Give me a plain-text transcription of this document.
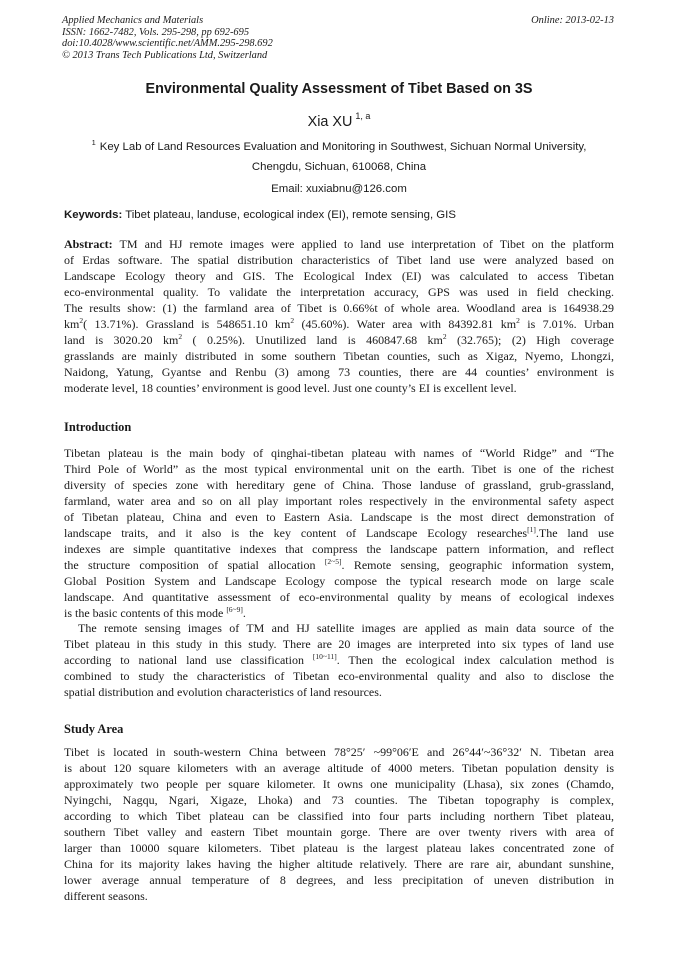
Applied Mechanics and Materials
ISSN: 1662-7482, Vols. 295-298, pp 692-695
doi:10.4028/www.scientific.net/AMM.295-298.692
© 2013 Trans Tech Publications Ltd, Switzerland
Online: 2013-02-13
Environmental Quality Assessment of Tibet Based on 3S
Xia XU $^{1, a}$
$^1$ Key Lab of Land Resources Evaluation and Monitoring in Southwest, Sichuan Normal University,
Chengdu, Sichuan, 610068, China
Email: xuxiabnu@126.com
Keywords: Tibet plateau, landuse, ecological index (EI), remote sensing, GIS
Abstract: TM and HJ remote images were applied to land use interpretation of Tibet on the platform
of Erdas software. The spatial distribution characteristics of Tibet land use were analyzed based on
Landscape Ecology theory and GIS. The Ecological Index (EI) was calculated to access Tibetan
eco-environmental quality. To validate the interpretation accuracy, GPS was used in field checking.
The results show: (1) the farmland area of Tibet is 0.66%t of whole area. Woodland area is 164938.29
$km^2$( 13.71%). Grassland is 548651.10 $km^2$ (45.60%). Water area with 84392.81 $km^2$ is 7.01%. Urban
land is 3020.20 $km^2$ ( 0.25%). Unutilized land is 460847.68 $km^2$ (32.765); (2) High coverage
grasslands are mainly distributed in some southern Tibetan counties, such as Xigaz, Nyemo, Lhongzi,
Naidong, Yatung, Gyantse and Renbu (3) among 73 counties, there are 44 counties’ environment is
moderate level, 18 counties’ environment is good level. Just one county’s EI is excellent level.
Introduction
Tibetan plateau is the main body of qinghai-tibetan plateau with names of “World Ridge” and “The
Third Pole of World” as the most typical environmental unit on the earth. Tibet is one of the richest
diversity of species zone with hereditary gene of China. Those landuse of grassland, grub-grassland,
farmland, water area and so on all play important roles respectively in the environmental safety aspect
of Tibetan plateau, China and even to Eastern Asia. Landscape is the most direct demonstration of
landscape traits, and it also is the key content of Landscape Ecology researches[1].The land use
indexes are simple quantitative indexes that compress the landscape pattern information, and reflect
the structure composition of spatial allocation [2~5]. Remote sensing, geographic information system,
Global Position System and Landscape Ecology compose the typical research mode on large scale
landscape. And quantitative assessment of eco-environmental quality by means of ecological indexes
is the basic contents of this mode [6~9].
The remote sensing images of TM and HJ satellite images are applied as main data source of the
Tibet plateau in this study in this study. There are 20 images are interpreted into six types of land use
according to national land use classification [10~11]. Then the ecological index calculation method is
combined to study the characteristics of Tibetan eco-environmental quality and also to disclose the
spatial distribution and evolution characteristics of land resources.
Study Area
Tibet is located in south-western China between 78°25′ ~99°06′E and 26°44′~36°32′ N. Tibetan area
is about 120 square kilometers with an average altitude of 4000 meters. Tibetan population density is
approximately two people per square kilometer. It owns one municipality (Lhasa), six zones (Chamdo,
Nyingchi, Nagqu, Ngari, Xigaze, Lhoka) and 73 counties. The Tibetan topography is complex,
according to which Tibet plateau can be classified into four parts including northern Tibet plateau,
southern Tibet valley and eastern Tibet mountain gorge. There are over twenty rivers with area of
larger than 10000 square kilometers. Tibet plateau is the largest plateau lakes concentrated zone of
China for its majority lakes having the higher altitude relatively. There are rare air, abundant sunshine,
lower average annual temperature of 8 degrees, and less precipitation of uneven distribution in
different seasons.
